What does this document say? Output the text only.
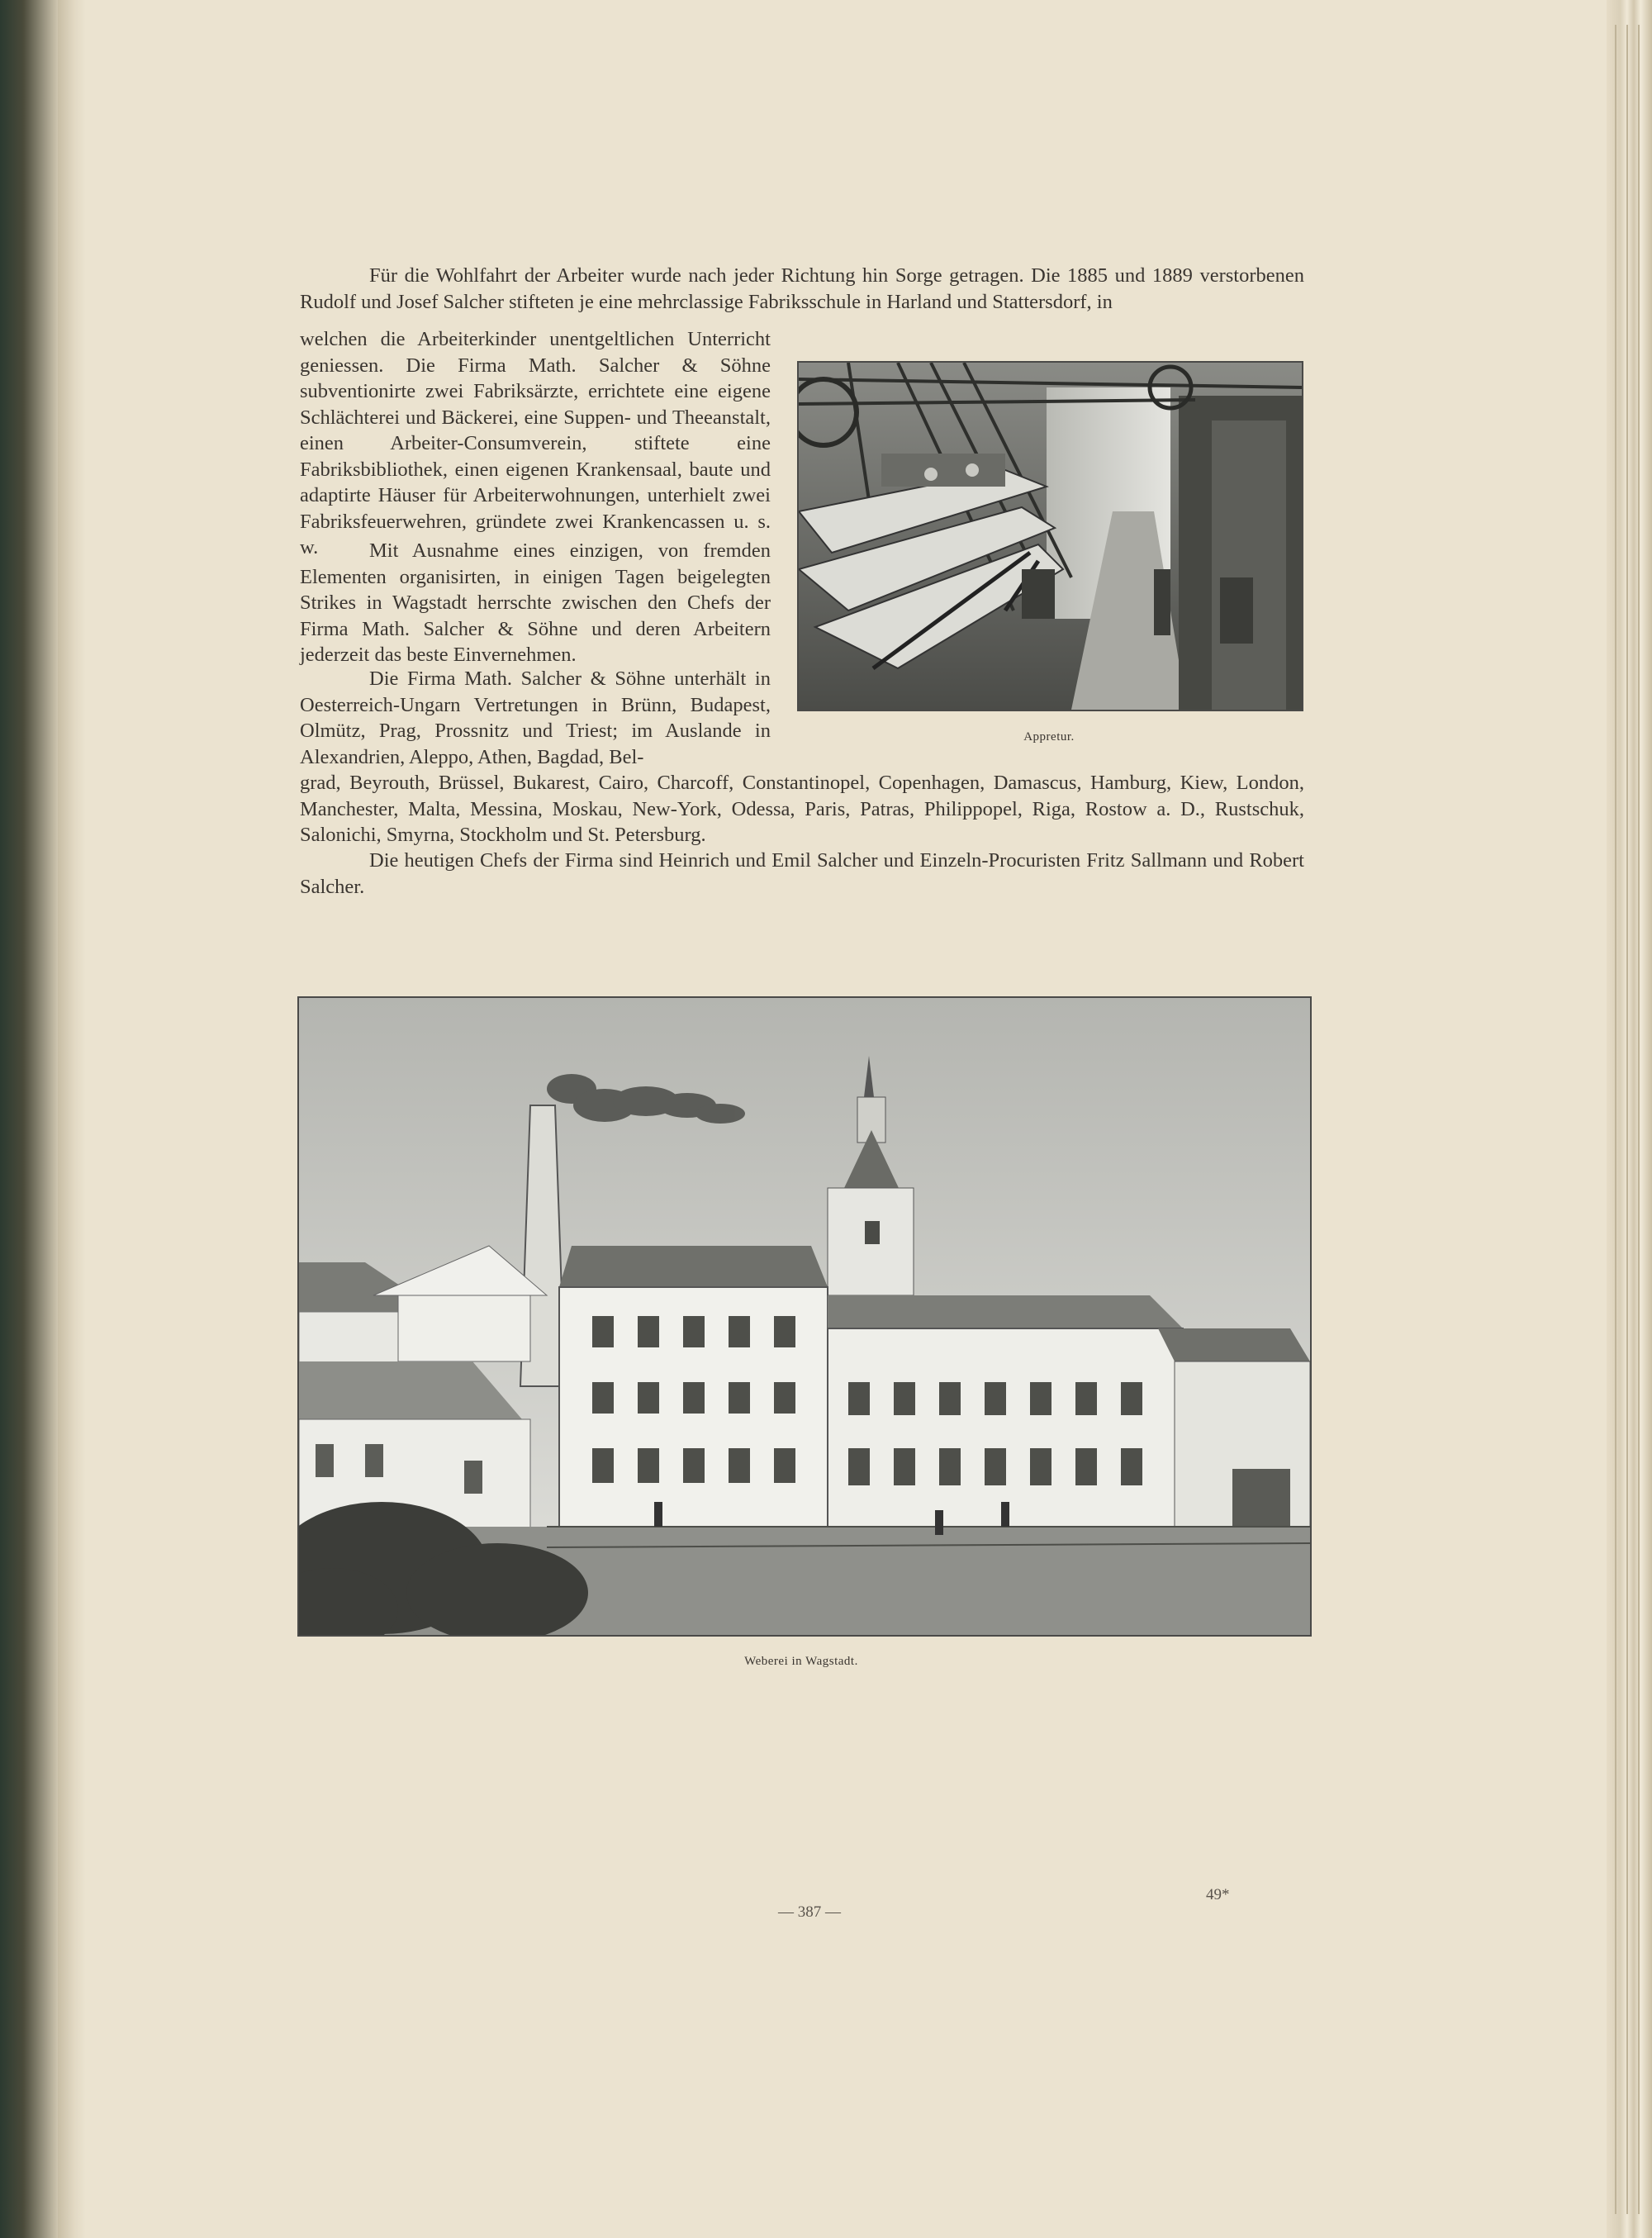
Für die Wohlfahrt der Arbeiter wurde nach jeder Richtung hin Sorge getragen. Die 1885 und 1889 verstorbenen Rudolf und Josef Salcher stifteten je eine mehrclassige Fabriksschule in Harland und Stattersdorf, in

welchen die Arbeiterkinder unentgeltlichen Unterricht geniessen. Die Firma Math. Salcher & Söhne subventionirte zwei Fabriksärzte, errichtete eine eigene Schlächterei und Bäckerei, eine Suppen- und Theeanstalt, einen Arbeiter-Consumverein, stiftete eine Fabriksbibliothek, einen eigenen Krankensaal, baute und adaptirte Häuser für Arbeiterwohnungen, unterhielt zwei Fabriksfeuerwehren, gründete zwei Krankencassen u. s. w.	Mit Ausnahme eines einzigen, von fremden Elementen organisirten, in einigen Tagen beigelegten Strikes in Wagstadt herrschte zwischen den Chefs der Firma Math. Salcher & Söhne und deren Arbeitern jederzeit das beste Einvernehmen.

Die Firma Math. Salcher & Söhne unterhält in Oesterreich-Ungarn Vertretungen in Brünn, Budapest, Olmütz, Prag, Prossnitz und Triest; im Auslande in Alexandrien, Aleppo, Athen, Bagdad, Bel-

grad, Beyrouth, Brüssel, Bukarest, Cairo, Charcoff, Constantinopel, Copenhagen, Damascus, Hamburg, Kiew, London, Manchester, Malta, Messina, Moskau, New-York, Odessa, Paris, Patras, Philippopel, Riga, Rostow a. D., Rustschuk, Salonichi, Smyrna, Stockholm und St. Petersburg.

Die heutigen Chefs der Firma sind Heinrich und Emil Salcher und Einzeln-Procuristen Fritz Sallmann und Robert Salcher.

Appretur.

Weberei in Wagstadt.

— 387 —

49*
